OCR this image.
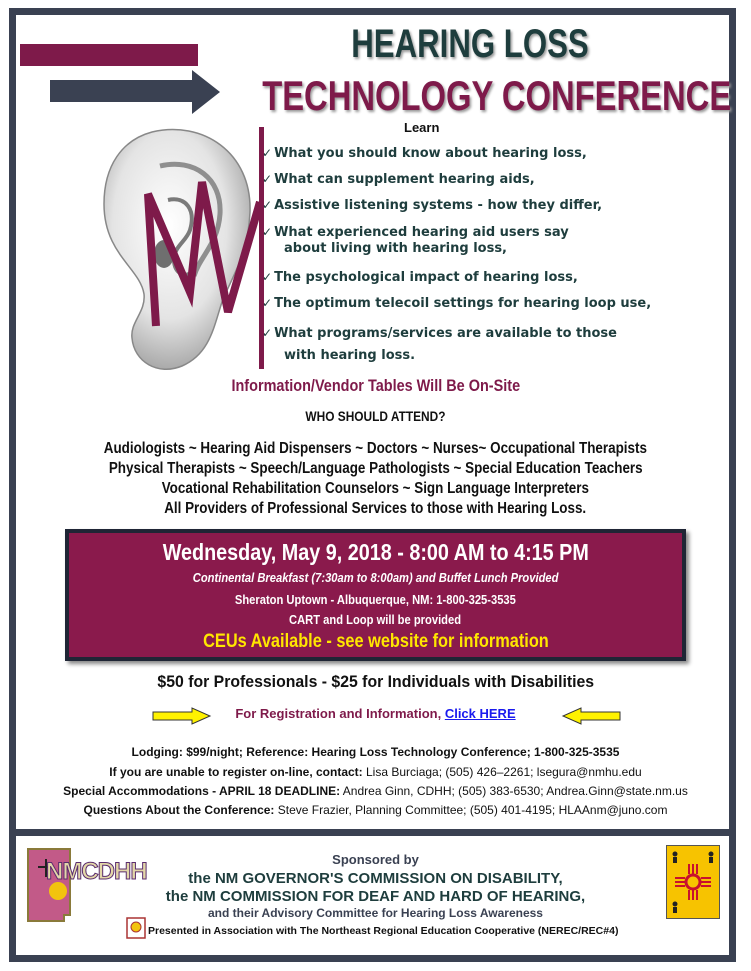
HEARING LOSS
TECHNOLOGY CONFERENCE
Learn
✓ What you should know about hearing loss,
✓ What can supplement hearing aids,
✓ Assistive listening systems - how they differ,
✓ What experienced hearing aid users say
about living with hearing loss,
✓ The psychological impact of hearing loss,
✓ The optimum telecoil settings for hearing loop use,
✓ What programs/services are available to those
with hearing loss.
Information/Vendor Tables Will Be On-Site
WHO SHOULD ATTEND?
Audiologists ~ Hearing Aid Dispensers ~ Doctors ~ Nurses~ Occupational Therapists
Physical Therapists ~ Speech/Language Pathologists ~ Special Education Teachers
Vocational Rehabilitation Counselors ~ Sign Language Interpreters
All Providers of Professional Services to those with Hearing Loss.
Wednesday, May 9, 2018 - 8:00 AM to 4:15 PM
Continental Breakfast (7:30am to 8:00am) and Buffet Lunch Provided
Sheraton Uptown - Albuquerque, NM: 1-800-325-3535
CART and Loop will be provided
CEUs Available - see website for information
$50 for Professionals - $25 for Individuals with Disabilities
For Registration and Information, Click HERE
Lodging: $99/night; Reference: Hearing Loss Technology Conference; 1-800-325-3535
If you are unable to register on-line, contact: Lisa Burciaga; (505) 426–2261; lsegura@nmhu.edu
Special Accommodations - APRIL 18 DEADLINE: Andrea Ginn, CDHH; (505) 383-6530; Andrea.Ginn@state.nm.us
Questions About the Conference: Steve Frazier, Planning Committee; (505) 401-4195; HLAAnm@juno.com
NMCDHH	Sponsored by
the NM GOVERNOR'S COMMISSION ON DISABILITY,
the NM COMMISSION FOR DEAF AND HARD OF HEARING,
and their Advisory Committee for Hearing Loss Awareness
Presented in Association with The Northeast Regional Education Cooperative (NEREC/REC#4)
